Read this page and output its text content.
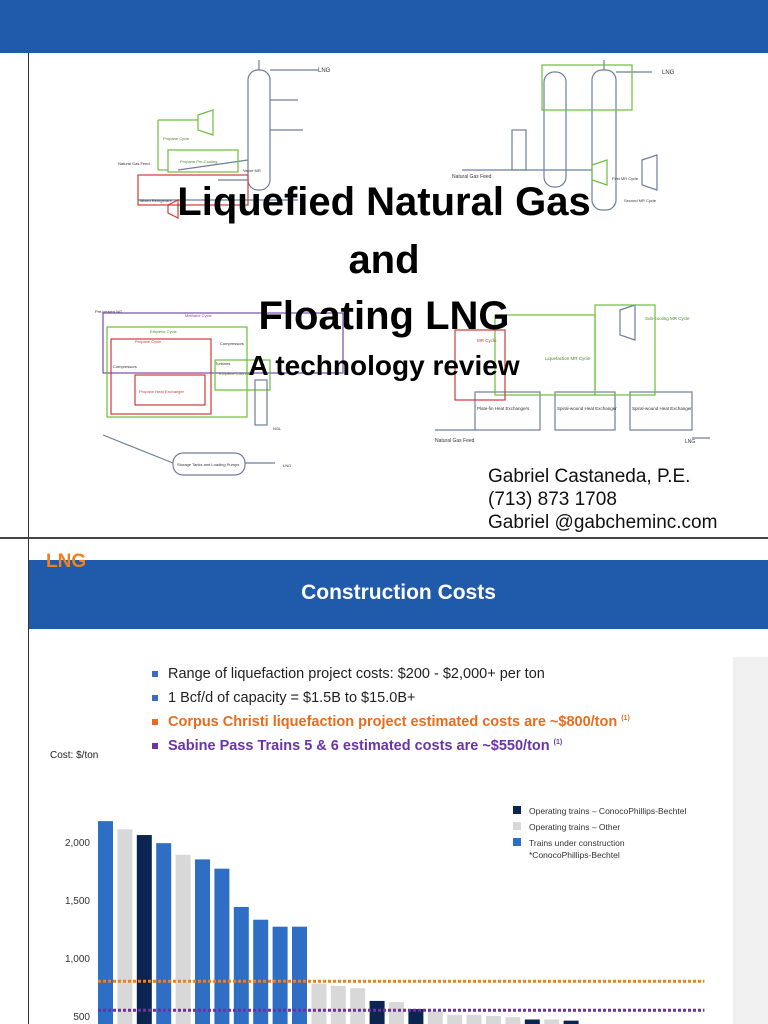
LNG
Propane Cycle
Natural Gas Feed	Propane Pre-Cooling
Vapor MR
Mixed Refrigerant
LNG
Natural Gas Feed	First MR Cycle
Second MR Cycle
Pre-treated NG
Methane Cycle
Ethylene Cycle
Propane Cycle
Compressors
Propane Heat Exchanger
Ethylene Cold Box
Compressors
Turbines
NGL
LNG
Storage Tanks and Loading Pumps
Sub-cooling MR Cycle
Liquefaction MR Cycle
MR Cycle
Plate-fin Heat Exchangers	Spiral-wound Heat Exchanger	Spiral-wound Heat Exchanger
Natural Gas Feed	LNG
Liquefied Natural Gas
and
Floating LNG
A technology review
Gabriel Castaneda, P.E.
(713) 873 1708
Gabriel @gabcheminc.com
LNG
Construction Costs
Range of liquefaction project costs: $200 - $2,000+ per ton
1 Bcf/d of capacity = $1.5B to $15.0B+
Corpus Christi liquefaction project estimated costs are ~$800/ton $^{(1)}$
Sabine Pass Trains 5 & 6 estimated costs are ~$550/ton $^{(1)}$
Cost: $/ton
500
1,000
1,500
2,000
Operating trains – ConocoPhillips-Bechtel
Operating trains – Other
Trains under construction
*ConocoPhillips-Bechtel
